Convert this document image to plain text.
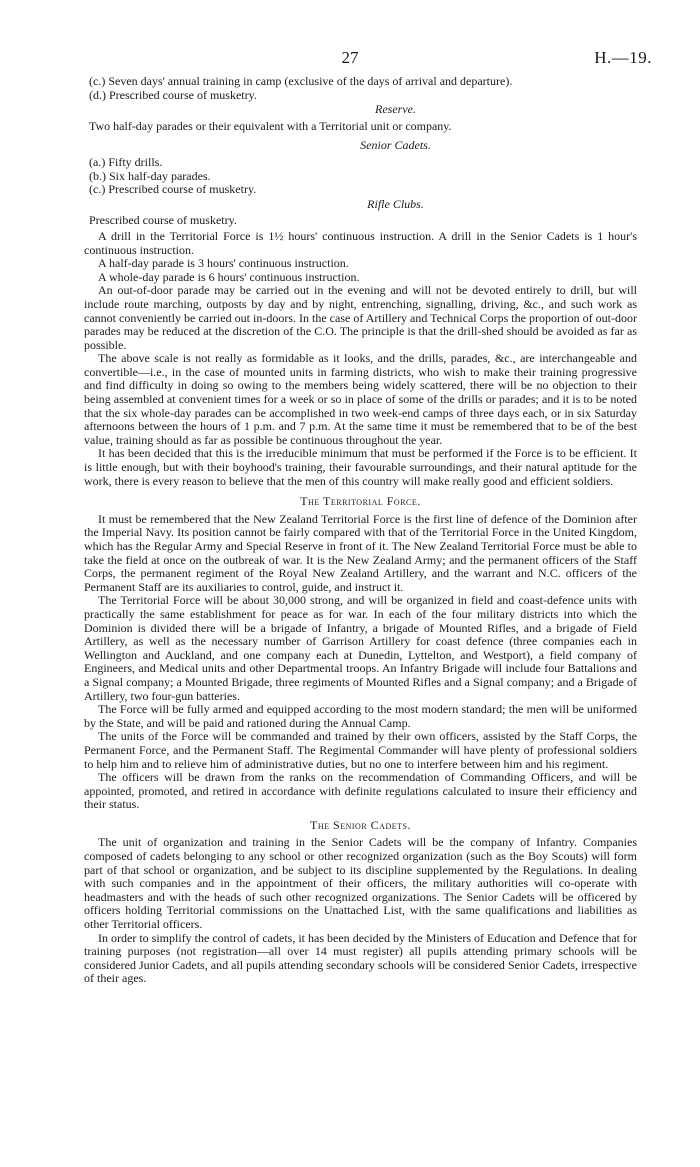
27	H.—19.
(c.) Seven days' annual training in camp (exclusive of the days of arrival and departure).
(d.) Prescribed course of musketry.
Reserve.
Two half-day parades or their equivalent with a Territorial unit or company.
Senior Cadets.
(a.) Fifty drills.
(b.) Six half-day parades.
(c.) Prescribed course of musketry.
Rifle Clubs.
Prescribed course of musketry.

A drill in the Territorial Force is 1½ hours' continuous instruction. A drill in the Senior Cadets is 1 hour's continuous instruction.

A half-day parade is 3 hours' continuous instruction.

A whole-day parade is 6 hours' continuous instruction.

An out-of-door parade may be carried out in the evening and will not be devoted entirely to drill, but will include route marching, outposts by day and by night, entrenching, signalling, driving, &c., and such work as cannot conveniently be carried out in-doors. In the case of Artillery and Technical Corps the proportion of out-door parades may be reduced at the discretion of the C.O. The principle is that the drill-shed should be avoided as far as possible.

The above scale is not really as formidable as it looks, and the drills, parades, &c., are interchangeable and convertible—i.e., in the case of mounted units in farming districts, who wish to make their training progressive and find difficulty in doing so owing to the members being widely scattered, there will be no objection to their being assembled at convenient times for a week or so in place of some of the drills or parades; and it is to be noted that the six whole-day parades can be accomplished in two week-end camps of three days each, or in six Saturday afternoons between the hours of 1 p.m. and 7 p.m. At the same time it must be remembered that to be of the best value, training should as far as possible be continuous throughout the year.

It has been decided that this is the irreducible minimum that must be performed if the Force is to be efficient. It is little enough, but with their boyhood's training, their favourable surroundings, and their natural aptitude for the work, there is every reason to believe that the men of this country will make really good and efficient soldiers.

The Territorial Force.

It must be remembered that the New Zealand Territorial Force is the first line of defence of the Dominion after the Imperial Navy. Its position cannot be fairly compared with that of the Territorial Force in the United Kingdom, which has the Regular Army and Special Reserve in front of it. The New Zealand Territorial Force must be able to take the field at once on the outbreak of war. It is the New Zealand Army; and the permanent officers of the Staff Corps, the permanent regiment of the Royal New Zealand Artillery, and the warrant and N.C. officers of the Permanent Staff are its auxiliaries to control, guide, and instruct it.

The Territorial Force will be about 30,000 strong, and will be organized in field and coast-defence units with practically the same establishment for peace as for war. In each of the four military districts into which the Dominion is divided there will be a brigade of Infantry, a brigade of Mounted Rifles, and a brigade of Field Artillery, as well as the necessary number of Garrison Artillery for coast defence (three companies each in Wellington and Auckland, and one company each at Dunedin, Lyttelton, and Westport), a field company of Engineers, and Medical units and other Departmental troops. An Infantry Brigade will include four Battalions and a Signal company; a Mounted Brigade, three regiments of Mounted Rifles and a Signal company; and a Brigade of Artillery, two four-gun batteries.

The Force will be fully armed and equipped according to the most modern standard; the men will be uniformed by the State, and will be paid and rationed during the Annual Camp.

The units of the Force will be commanded and trained by their own officers, assisted by the Staff Corps, the Permanent Force, and the Permanent Staff. The Regimental Commander will have plenty of professional soldiers to help him and to relieve him of administrative duties, but no one to interfere between him and his regiment.

The officers will be drawn from the ranks on the recommendation of Commanding Officers, and will be appointed, promoted, and retired in accordance with definite regulations calculated to insure their efficiency and their status.

The Senior Cadets.

The unit of organization and training in the Senior Cadets will be the company of Infantry. Companies composed of cadets belonging to any school or other recognized organization (such as the Boy Scouts) will form part of that school or organization, and be subject to its discipline supplemented by the Regulations. In dealing with such companies and in the appointment of their officers, the military authorities will co-operate with headmasters and with the heads of such other recognized organizations. The Senior Cadets will be officered by officers holding Territorial commissions on the Unattached List, with the same qualifications and liabilities as other Territorial officers.

In order to simplify the control of cadets, it has been decided by the Ministers of Education and Defence that for training purposes (not registration—all over 14 must register) all pupils attending primary schools will be considered Junior Cadets, and all pupils attending secondary schools will be considered Senior Cadets, irrespective of their ages.
